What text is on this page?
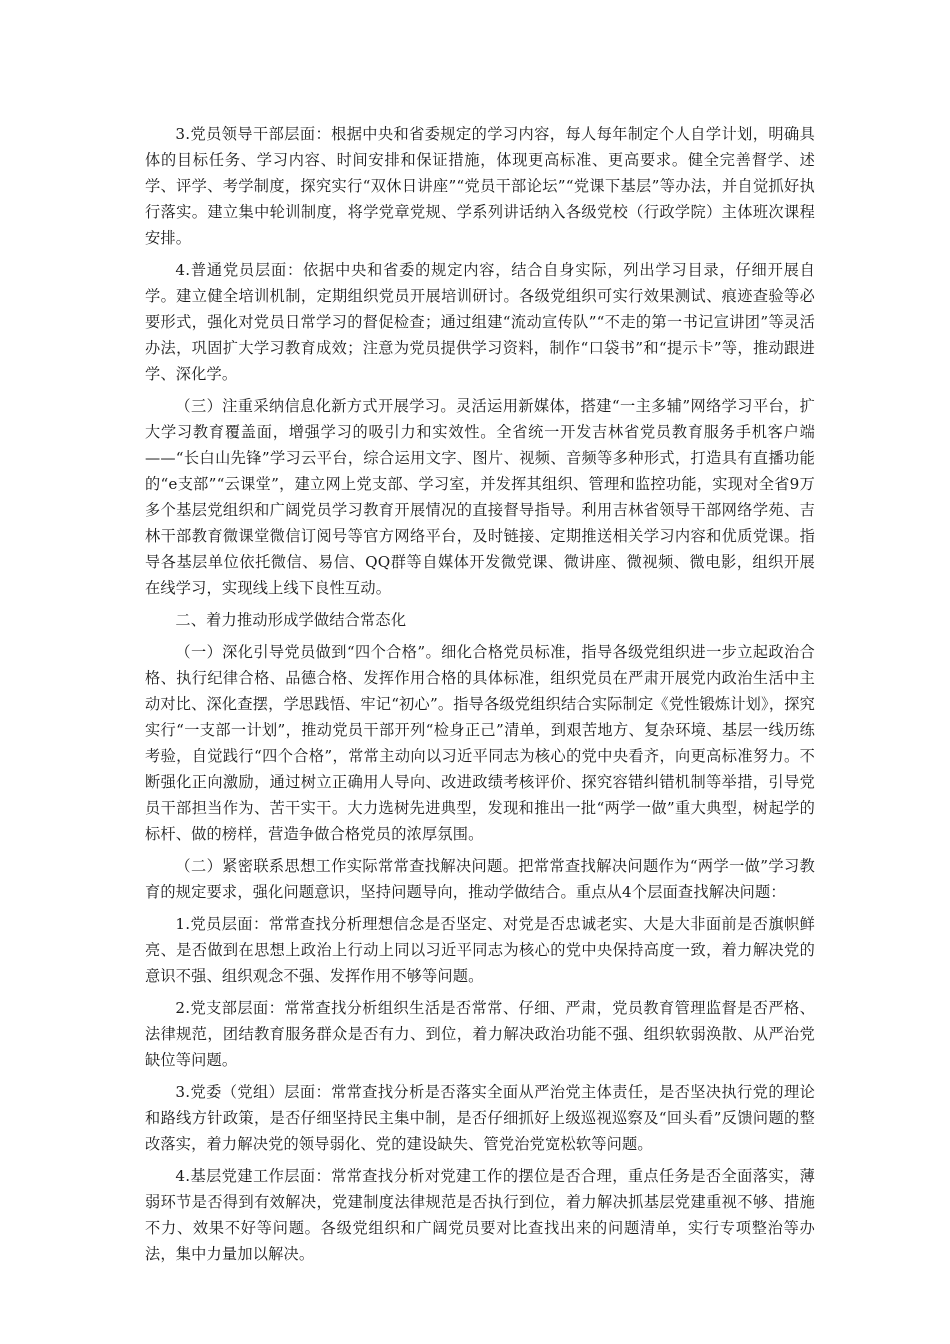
3.党员领导干部层面：根据中央和省委规定的学习内容，每人每年制定个人自学计划，明确具体的目标任务、学习内容、时间安排和保证措施，体现更高标准、更高要求。健全完善督学、述学、评学、考学制度，探究实行“双休日讲座”“党员干部论坛”“党课下基层”等办法，并自觉抓好执行落实。建立集中轮训制度，将学党章党规、学系列讲话纳入各级党校（行政学院）主体班次课程安排。

4.普通党员层面：依据中央和省委的规定内容，结合自身实际，列出学习目录，仔细开展自学。建立健全培训机制，定期组织党员开展培训研讨。各级党组织可实行效果测试、痕迹查验等必要形式，强化对党员日常学习的督促检查；通过组建“流动宣传队”“不走的第一书记宣讲团”等灵活办法，巩固扩大学习教育成效；注意为党员提供学习资料，制作“口袋书”和“提示卡”等，推动跟进学、深化学。

（三）注重采纳信息化新方式开展学习。灵活运用新媒体，搭建“一主多辅”网络学习平台，扩大学习教育覆盖面，增强学习的吸引力和实效性。全省统一开发吉林省党员教育服务手机客户端——“长白山先锋”学习云平台，综合运用文字、图片、视频、音频等多种形式，打造具有直播功能的“e支部”“云课堂”，建立网上党支部、学习室，并发挥其组织、管理和监控功能，实现对全省9万多个基层党组织和广阔党员学习教育开展情况的直接督导指导。利用吉林省领导干部网络学苑、吉林干部教育微课堂微信订阅号等官方网络平台，及时链接、定期推送相关学习内容和优质党课。指导各基层单位依托微信、易信、QQ群等自媒体开发微党课、微讲座、微视频、微电影，组织开展在线学习，实现线上线下良性互动。

二、着力推动形成学做结合常态化

（一）深化引导党员做到“四个合格”。细化合格党员标准，指导各级党组织进一步立起政治合格、执行纪律合格、品德合格、发挥作用合格的具体标准，组织党员在严肃开展党内政治生活中主动对比、深化查摆，学思践悟、牢记“初心”。指导各级党组织结合实际制定《党性锻炼计划》，探究实行“一支部一计划”，推动党员干部开列“检身正己”清单，到艰苦地方、复杂环境、基层一线历练考验，自觉践行“四个合格”，常常主动向以习近平同志为核心的党中央看齐，向更高标准努力。不断强化正向激励，通过树立正确用人导向、改进政绩考核评价、探究容错纠错机制等举措，引导党员干部担当作为、苦干实干。大力选树先进典型，发现和推出一批“两学一做”重大典型，树起学的标杆、做的榜样，营造争做合格党员的浓厚氛围。

（二）紧密联系思想工作实际常常查找解决问题。把常常查找解决问题作为“两学一做”学习教育的规定要求，强化问题意识，坚持问题导向，推动学做结合。重点从4个层面查找解决问题：

1.党员层面：常常查找分析理想信念是否坚定、对党是否忠诚老实、大是大非面前是否旗帜鲜亮、是否做到在思想上政治上行动上同以习近平同志为核心的党中央保持高度一致，着力解决党的意识不强、组织观念不强、发挥作用不够等问题。

2.党支部层面：常常查找分析组织生活是否常常、仔细、严肃，党员教育管理监督是否严格、法律规范，团结教育服务群众是否有力、到位，着力解决政治功能不强、组织软弱涣散、从严治党缺位等问题。

3.党委（党组）层面：常常查找分析是否落实全面从严治党主体责任，是否坚决执行党的理论和路线方针政策，是否仔细坚持民主集中制，是否仔细抓好上级巡视巡察及“回头看”反馈问题的整改落实，着力解决党的领导弱化、党的建设缺失、管党治党宽松软等问题。

4.基层党建工作层面：常常查找分析对党建工作的摆位是否合理，重点任务是否全面落实，薄弱环节是否得到有效解决，党建制度法律规范是否执行到位，着力解决抓基层党建重视不够、措施不力、效果不好等问题。各级党组织和广阔党员要对比查找出来的问题清单，实行专项整治等办法，集中力量加以解决。
